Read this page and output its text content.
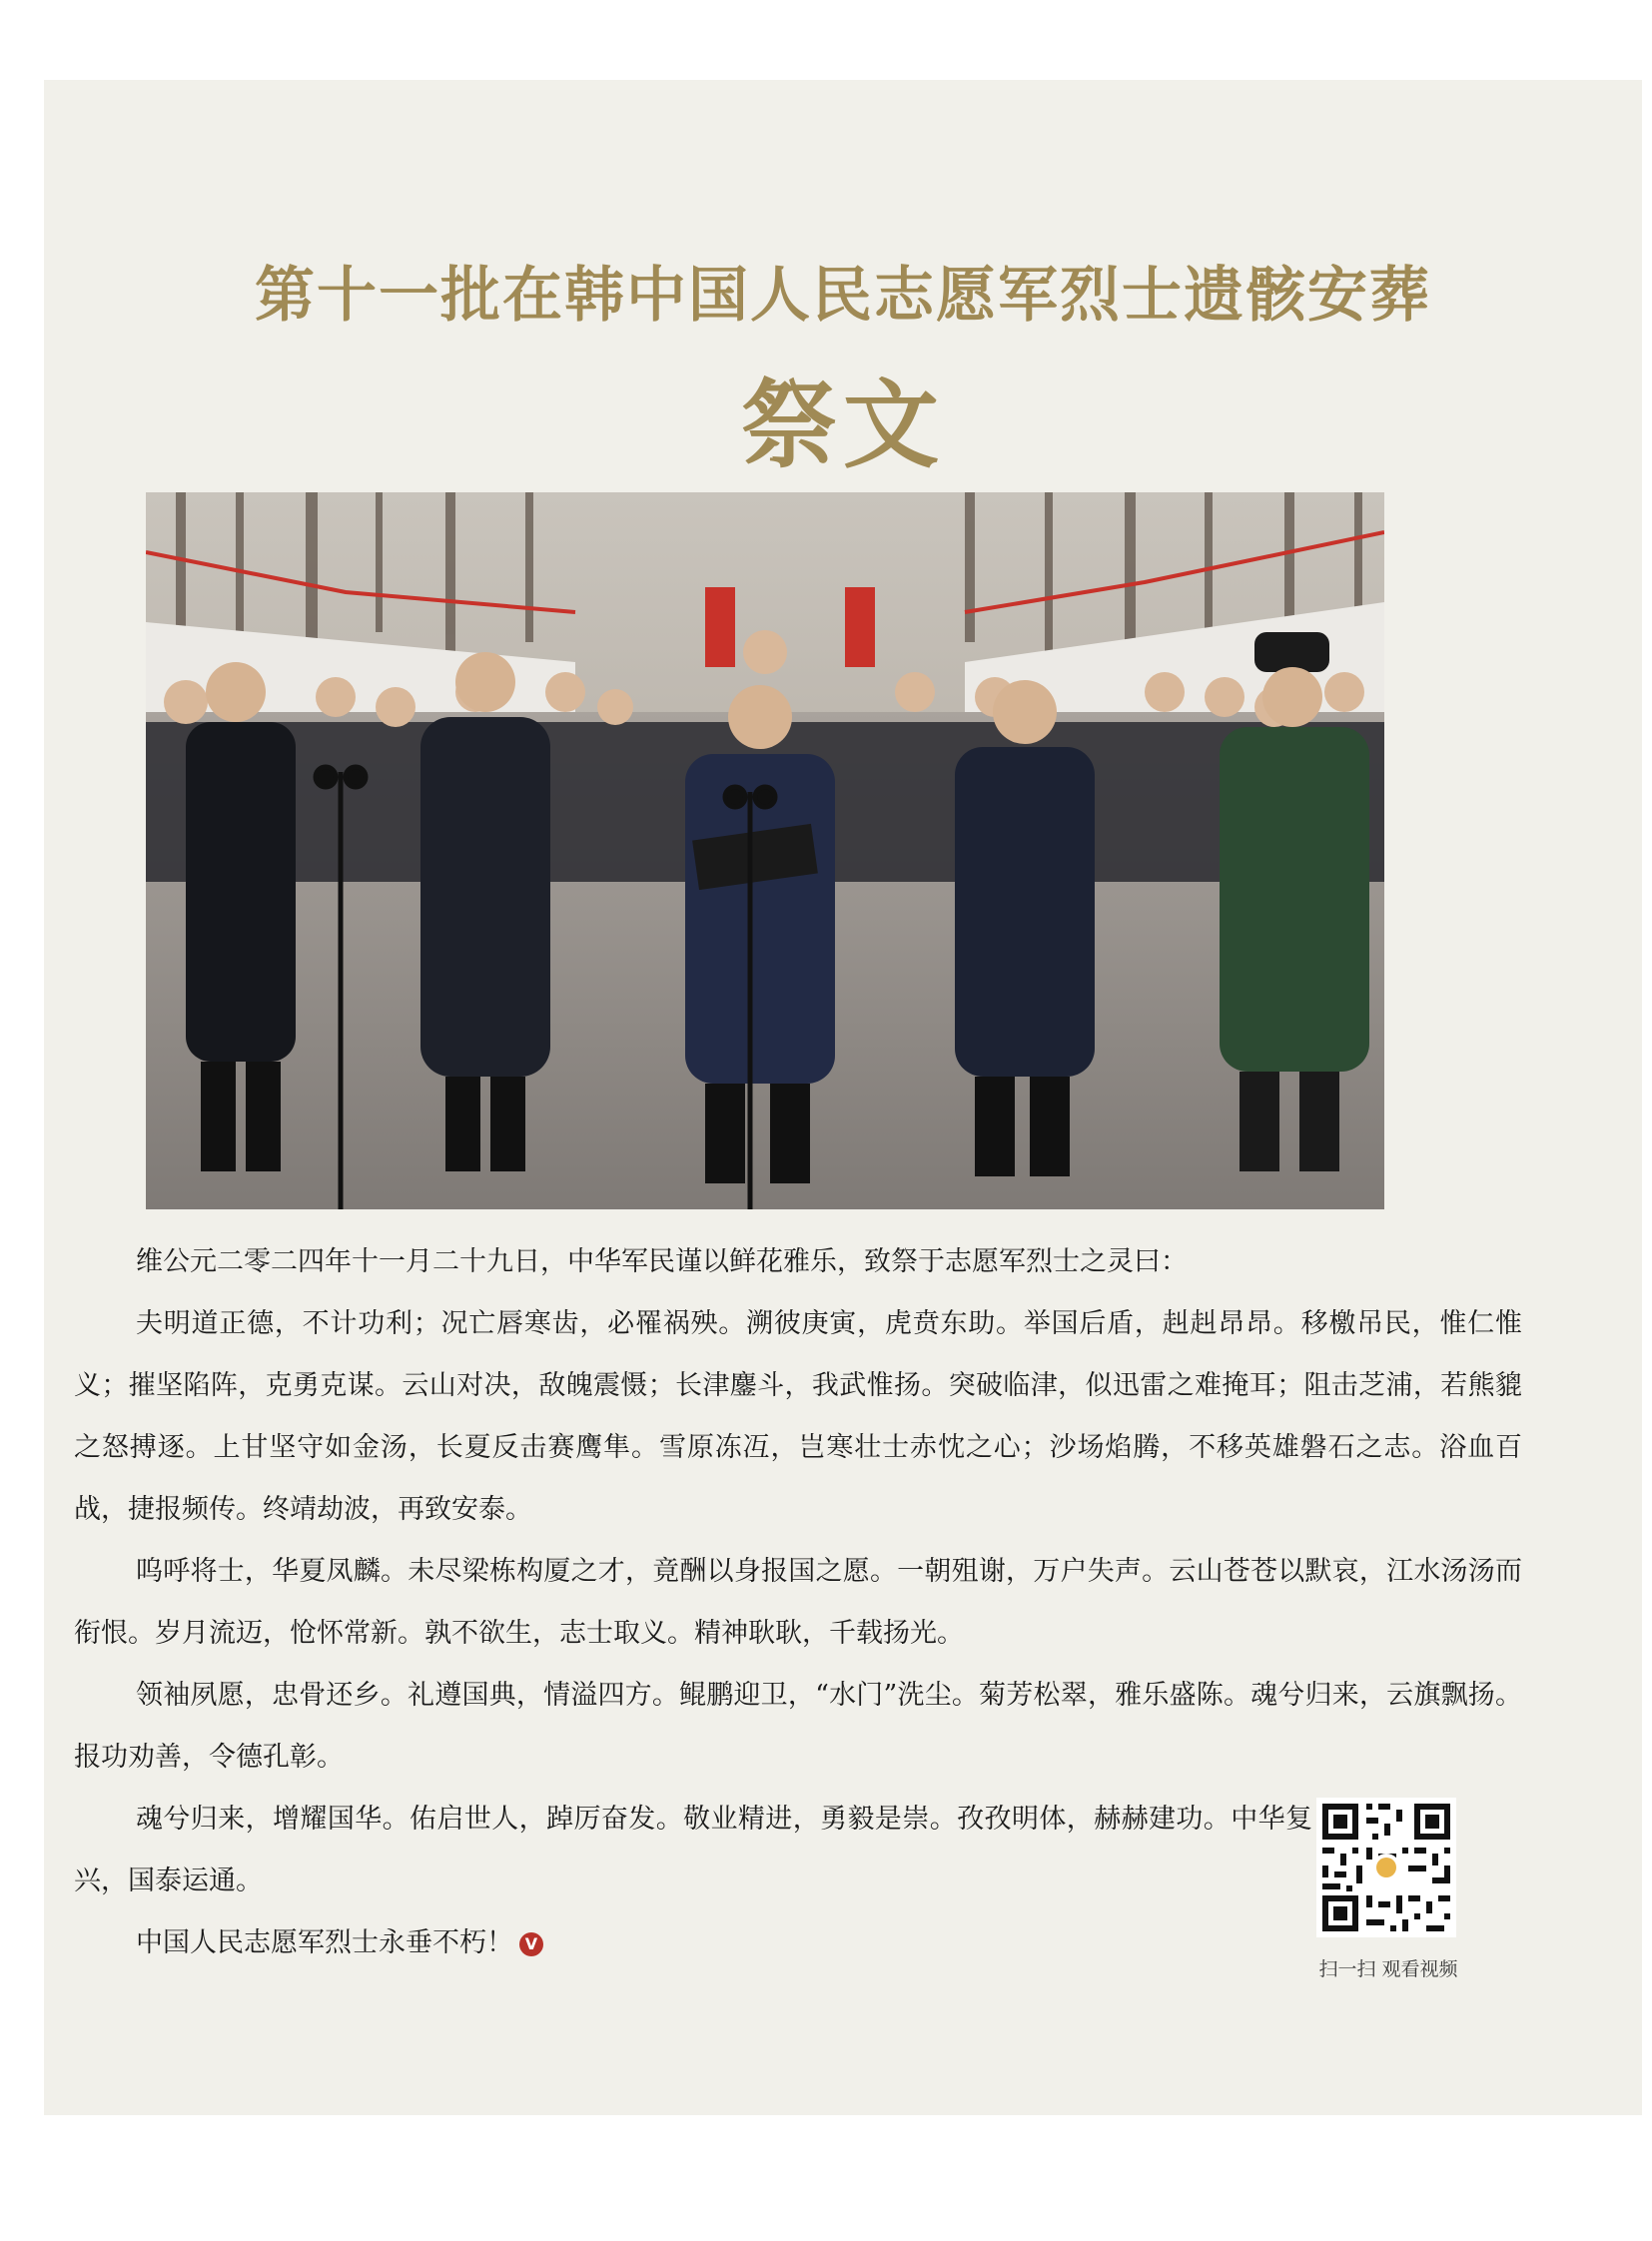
第十一批在韩中国人民志愿军烈士遗骸安葬
祭文

维公元二零二四年十一月二十九日，中华军民谨以鲜花雅乐，致祭于志愿军烈士之灵曰：

夫明道正德，不计功利；况亡唇寒齿，必罹祸殃。溯彼庚寅，虎贲东助。举国后盾，赳赳昂昂。移檄吊民，惟仁惟义；摧坚陷阵，克勇克谋。云山对决，敌魄震慑；长津鏖斗，我武惟扬。突破临津，似迅雷之难掩耳；阻击芝浦，若熊貔之怒搏逐。上甘坚守如金汤，长夏反击赛鹰隼。雪原冻冱，岂寒壮士赤忱之心；沙场焰腾，不移英雄磐石之志。浴血百战，捷报频传。终靖劫波，再致安泰。

呜呼将士，华夏凤麟。未尽梁栋构厦之才，竟酬以身报国之愿。一朝殂谢，万户失声。云山苍苍以默哀，江水汤汤而衔恨。岁月流迈，怆怀常新。孰不欲生，志士取义。精神耿耿，千载扬光。

领袖夙愿，忠骨还乡。礼遵国典，情溢四方。鲲鹏迎卫，“水门”洗尘。菊芳松翠，雅乐盛陈。魂兮归来，云旗飘扬。报功劝善，令德孔彰。

魂兮归来，增耀国华。佑启世人，踔厉奋发。敬业精进，勇毅是崇。孜孜明体，赫赫建功。中华复兴，国泰运通。

中国人民志愿军烈士永垂不朽！ V

扫一扫 观看视频
